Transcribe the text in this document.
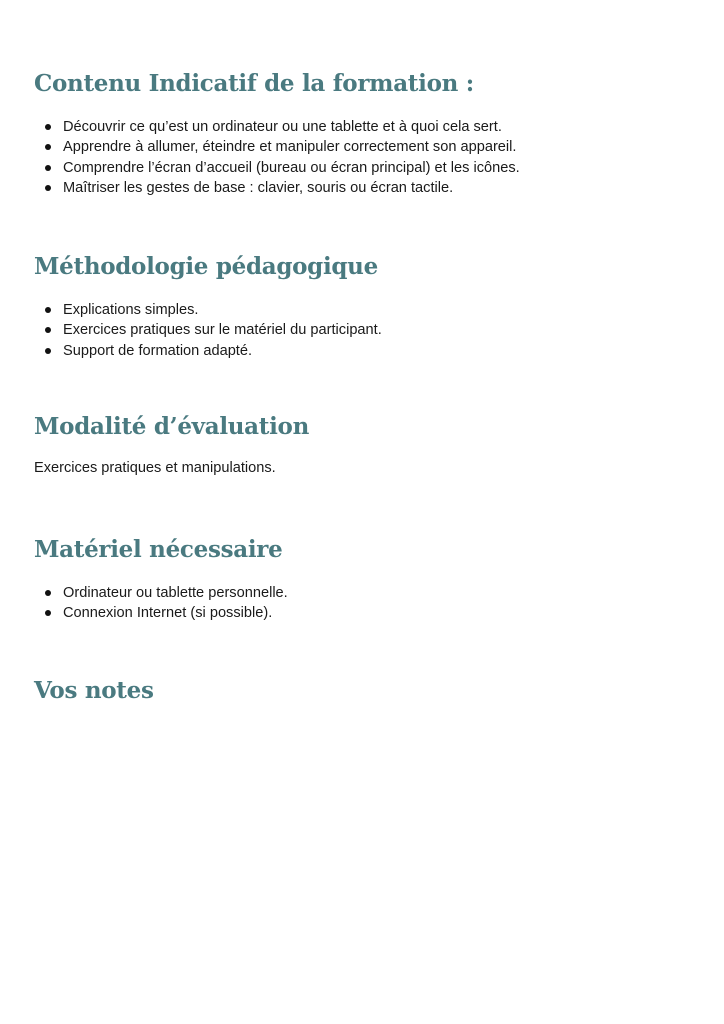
Contenu Indicatif de la formation :
Découvrir ce qu’est un ordinateur ou une tablette et à quoi cela sert.
Apprendre à allumer, éteindre et manipuler correctement son appareil.
Comprendre l’écran d’accueil (bureau ou écran principal) et les icônes.
Maîtriser les gestes de base : clavier, souris ou écran tactile.
Méthodologie pédagogique
Explications simples.
Exercices pratiques sur le matériel du participant.
Support de formation adapté.
Modalité d’évaluation

Exercices pratiques et manipulations.

Matériel nécessaire
Ordinateur ou tablette personnelle.
Connexion Internet (si possible).
Vos notes
